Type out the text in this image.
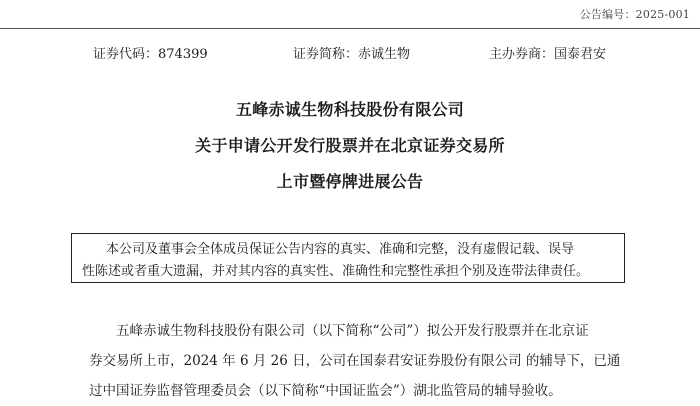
公告编号：2025-001
证券代码：874399	证券简称：赤诚生物	主办券商：国泰君安
五峰赤诚生物科技股份有限公司
关于申请公开发行股票并在北京证券交易所
上市暨停牌进展公告
本公司及董事会全体成员保证公告内容的真实、准确和完整，没有虚假记载、误导
性陈述或者重大遗漏，并对其内容的真实性、准确性和完整性承担个别及连带法律责任。
五峰赤诚生物科技股份有限公司（以下简称“公司”）拟公开发行股票并在北京证
券交易所上市，2024 年 6 月 26 日，公司在国泰君安证券股份有限公司 的辅导下，已通
过中国证券监督管理委员会（以下简称“中国证监会”）湖北监管局的辅导验收。
